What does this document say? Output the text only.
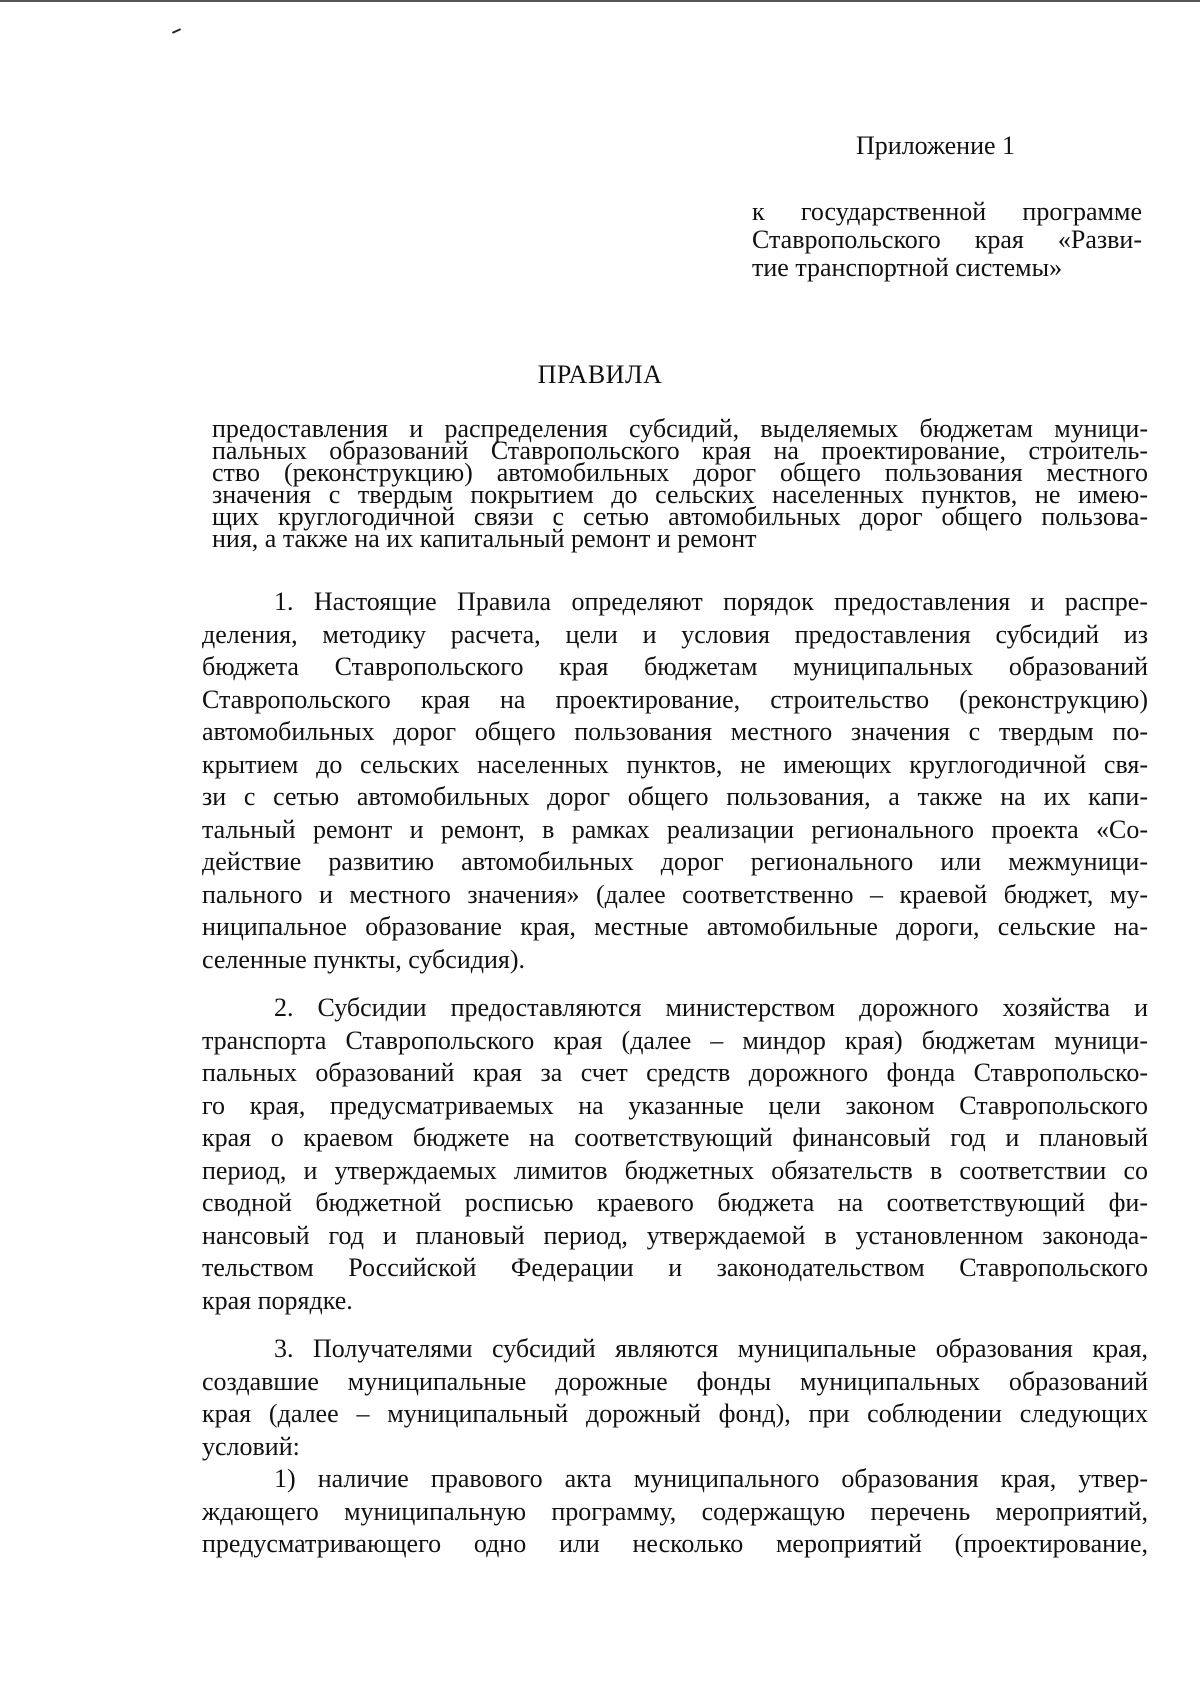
Приложение 1
к государственной программе
Ставропольского края «Разви-
тие транспортной системы»
ПРАВИЛА
предоставления и распределения субсидий, выделяемых бюджетам муници-
пальных образований Ставропольского края на проектирование, строитель-
ство (реконструкцию) автомобильных дорог общего пользования местного
значения с твердым покрытием до сельских населенных пунктов, не имею-
щих круглогодичной связи с сетью автомобильных дорог общего пользова-
ния, а также на их капитальный ремонт и ремонт
1. Настоящие Правила определяют порядок предоставления и распре-
деления, методику расчета, цели и условия предоставления субсидий из
бюджета Ставропольского края бюджетам муниципальных образований
Ставропольского края на проектирование, строительство (реконструкцию)
автомобильных дорог общего пользования местного значения с твердым по-
крытием до сельских населенных пунктов, не имеющих круглогодичной свя-
зи с сетью автомобильных дорог общего пользования, а также на их капи-
тальный ремонт и ремонт, в рамках реализации регионального проекта «Со-
действие развитию автомобильных дорог регионального или межмуници-
пального и местного значения» (далее соответственно – краевой бюджет, му-
ниципальное образование края, местные автомобильные дороги, сельские на-
селенные пункты, субсидия).
2. Субсидии предоставляются министерством дорожного хозяйства и
транспорта Ставропольского края (далее – миндор края) бюджетам муници-
пальных образований края за счет средств дорожного фонда Ставропольско-
го края, предусматриваемых на указанные цели законом Ставропольского
края о краевом бюджете на соответствующий финансовый год и плановый
период, и утверждаемых лимитов бюджетных обязательств в соответствии со
сводной бюджетной росписью краевого бюджета на соответствующий фи-
нансовый год и плановый период, утверждаемой в установленном законода-
тельством Российской Федерации и законодательством Ставропольского
края порядке.
3. Получателями субсидий являются муниципальные образования края,
создавшие муниципальные дорожные фонды муниципальных образований
края (далее – муниципальный дорожный фонд), при соблюдении следующих
условий:
1) наличие правового акта муниципального образования края, утвер-
ждающего муниципальную программу, содержащую перечень мероприятий,
предусматривающего одно или несколько мероприятий (проектирование,
